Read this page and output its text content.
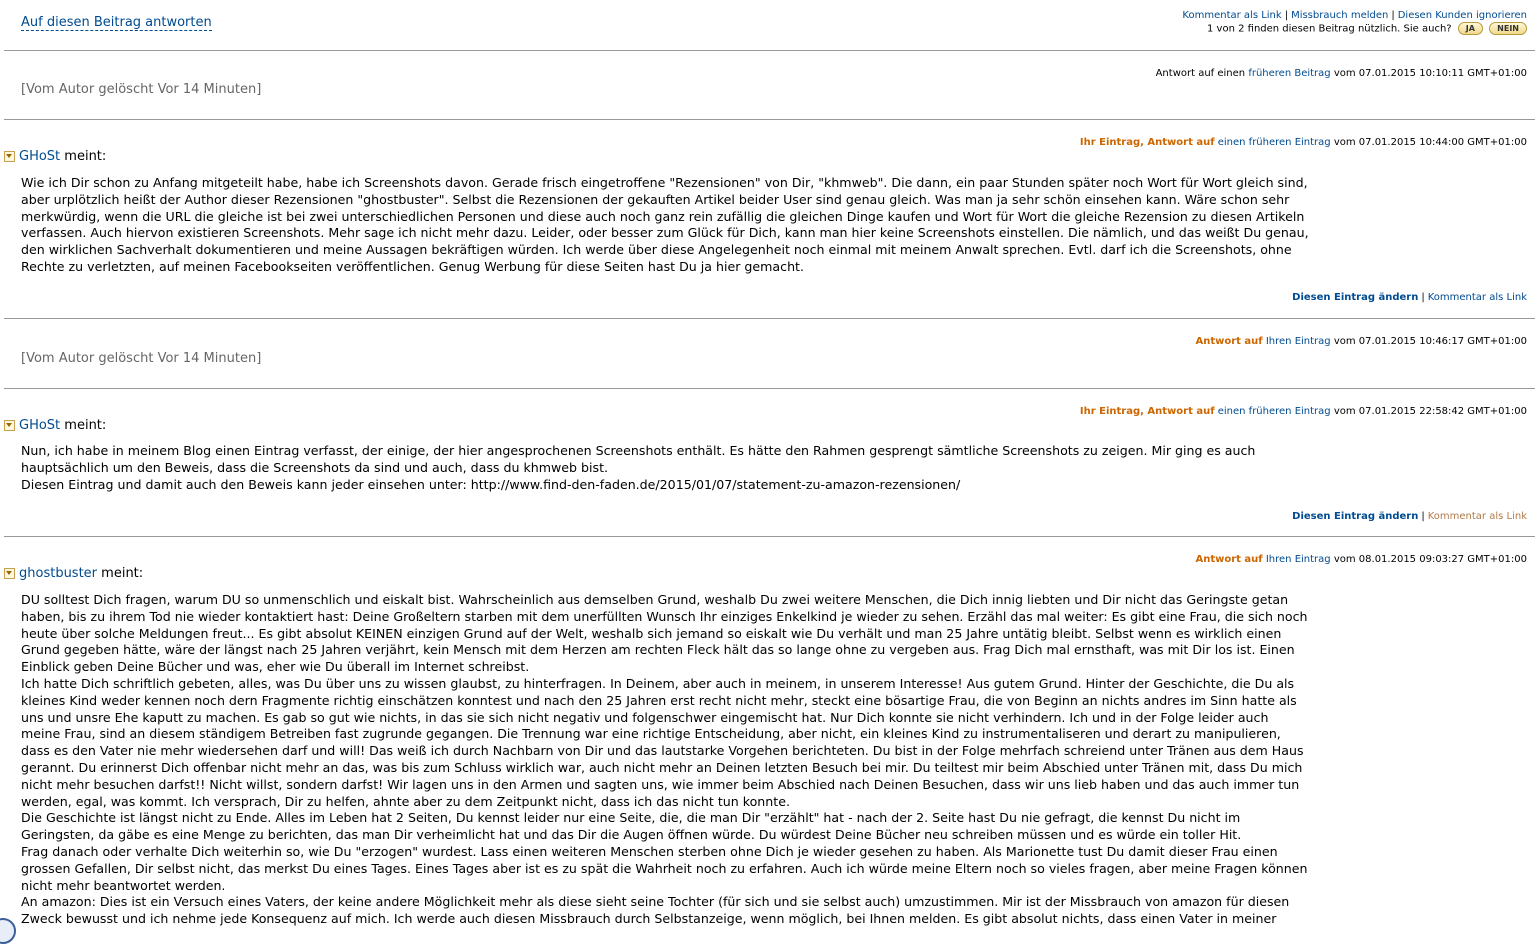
Auf diesen Beitrag antworten	Kommentar als Link | Missbrauch melden | Diesen Kunden ignorieren
1 von 2 finden diesen Beitrag nützlich. Sie auch? JA	NEIN
Antwort auf einen früheren Beitrag vom 07.01.2015 10:10:11 GMT+01:00
[Vom Autor gelöscht Vor 14 Minuten]
Ihr Eintrag, Antwort auf einen früheren Eintrag vom 07.01.2015 10:44:00 GMT+01:00
GHoSt
meint:

Wie ich Dir schon zu Anfang mitgeteilt habe, habe ich Screenshots davon. Gerade frisch eingetroffene "Rezensionen" von Dir, "khmweb". Die dann, ein paar Stunden später noch Wort für Wort gleich sind, aber urplötzlich heißt der Author dieser Rezensionen "ghostbuster". Selbst die Rezensionen der gekauften Artikel beider User sind genau gleich. Was man ja sehr schön einsehen kann. Wäre schon sehr merkwürdig, wenn die URL die gleiche ist bei zwei unterschiedlichen Personen und diese auch noch ganz rein zufällig die gleichen Dinge kaufen und Wort für Wort die gleiche Rezension zu diesen Artikeln verfassen. Auch hiervon existieren Screenshots. Mehr sage ich nicht mehr dazu. Leider, oder besser zum Glück für Dich, kann man hier keine Screenshots einstellen. Die nämlich, und das weißt Du genau, den wirklichen Sachverhalt dokumentieren und meine Aussagen bekräftigen würden. Ich werde über diese Angelegenheit noch einmal mit meinem Anwalt sprechen. Evtl. darf ich die Screenshots, ohne Rechte zu verletzten, auf meinen Facebookseiten veröffentlichen. Genug Werbung für diese Seiten hast Du ja hier gemacht.

Diesen Eintrag ändern | Kommentar als Link
Antwort auf Ihren Eintrag vom 07.01.2015 10:46:17 GMT+01:00
[Vom Autor gelöscht Vor 14 Minuten]
Ihr Eintrag, Antwort auf einen früheren Eintrag vom 07.01.2015 22:58:42 GMT+01:00
GHoSt
meint:

Nun, ich habe in meinem Blog einen Eintrag verfasst, der einige, der hier angesprochenen Screenshots enthält. Es hätte den Rahmen gesprengt sämtliche Screenshots zu zeigen. Mir ging es auch hauptsächlich um den Beweis, dass die Screenshots da sind und auch, dass du khmweb bist.

Diesen Eintrag und damit auch den Beweis kann jeder einsehen unter: http://www.find-den-faden.de/2015/01/07/statement-zu-amazon-rezensionen/

Diesen Eintrag ändern | Kommentar als Link
Antwort auf Ihren Eintrag vom 08.01.2015 09:03:27 GMT+01:00
ghostbuster
meint:

DU solltest Dich fragen, warum DU so unmenschlich und eiskalt bist. Wahrscheinlich aus demselben Grund, weshalb Du zwei weitere Menschen, die Dich innig liebten und Dir nicht das Geringste getan haben, bis zu ihrem Tod nie wieder kontaktiert hast: Deine Großeltern starben mit dem unerfüllten Wunsch Ihr einziges Enkelkind je wieder zu sehen. Erzähl das mal weiter: Es gibt eine Frau, die sich noch heute über solche Meldungen freut... Es gibt absolut KEINEN einzigen Grund auf der Welt, weshalb sich jemand so eiskalt wie Du verhält und man 25 Jahre untätig bleibt. Selbst wenn es wirklich einen Grund gegeben hätte, wäre der längst nach 25 Jahren verjährt, kein Mensch mit dem Herzen am rechten Fleck hält das so lange ohne zu vergeben aus. Frag Dich mal ernsthaft, was mit Dir los ist. Einen Einblick geben Deine Bücher und was, eher wie Du überall im Internet schreibst.

Ich hatte Dich schriftlich gebeten, alles, was Du über uns zu wissen glaubst, zu hinterfragen. In Deinem, aber auch in meinem, in unserem Interesse! Aus gutem Grund. Hinter der Geschichte, die Du als kleines Kind weder kennen noch dern Fragmente richtig einschätzen konntest und nach den 25 Jahren erst recht nicht mehr, steckt eine bösartige Frau, die von Beginn an nichts andres im Sinn hatte als uns und unsre Ehe kaputt zu machen. Es gab so gut wie nichts, in das sie sich nicht negativ und folgenschwer eingemischt hat. Nur Dich konnte sie nicht verhindern. Ich und in der Folge leider auch meine Frau, sind an diesem ständigem Betreiben fast zugrunde gegangen. Die Trennung war eine richtige Entscheidung, aber nicht, ein kleines Kind zu instrumentaliseren und derart zu manipulieren, dass es den Vater nie mehr wiedersehen darf und will! Das weiß ich durch Nachbarn von Dir und das lautstarke Vorgehen berichteten. Du bist in der Folge mehrfach schreiend unter Tränen aus dem Haus gerannt. Du erinnerst Dich offenbar nicht mehr an das, was bis zum Schluss wirklich war, auch nicht mehr an Deinen letzten Besuch bei mir. Du teiltest mir beim Abschied unter Tränen mit, dass Du mich nicht mehr besuchen darfst!! Nicht willst, sondern darfst! Wir lagen uns in den Armen und sagten uns, wie immer beim Abschied nach Deinen Besuchen, dass wir uns lieb haben und das auch immer tun werden, egal, was kommt. Ich versprach, Dir zu helfen, ahnte aber zu dem Zeitpunkt nicht, dass ich das nicht tun konnte.

Die Geschichte ist längst nicht zu Ende. Alles im Leben hat 2 Seiten, Du kennst leider nur eine Seite, die, die man Dir "erzählt" hat - nach der 2. Seite hast Du nie gefragt, die kennst Du nicht im Geringsten, da gäbe es eine Menge zu berichten, das man Dir verheimlicht hat und das Dir die Augen öffnen würde. Du würdest Deine Bücher neu schreiben müssen und es würde ein toller Hit.

Frag danach oder verhalte Dich weiterhin so, wie Du "erzogen" wurdest. Lass einen weiteren Menschen sterben ohne Dich je wieder gesehen zu haben. Als Marionette tust Du damit dieser Frau einen grossen Gefallen, Dir selbst nicht, das merkst Du eines Tages. Eines Tages aber ist es zu spät die Wahrheit noch zu erfahren. Auch ich würde meine Eltern noch so vieles fragen, aber meine Fragen können nicht mehr beantwortet werden.

An amazon: Dies ist ein Versuch eines Vaters, der keine andere Möglichkeit mehr als diese sieht seine Tochter (für sich und sie selbst auch) umzustimmen. Mir ist der Missbrauch von amazon für diesen Zweck bewusst und ich nehme jede Konsequenz auf mich. Ich werde auch diesen Missbrauch durch Selbstanzeige, wenn möglich, bei Ihnen melden. Es gibt absolut nichts, dass einen Vater in meiner
